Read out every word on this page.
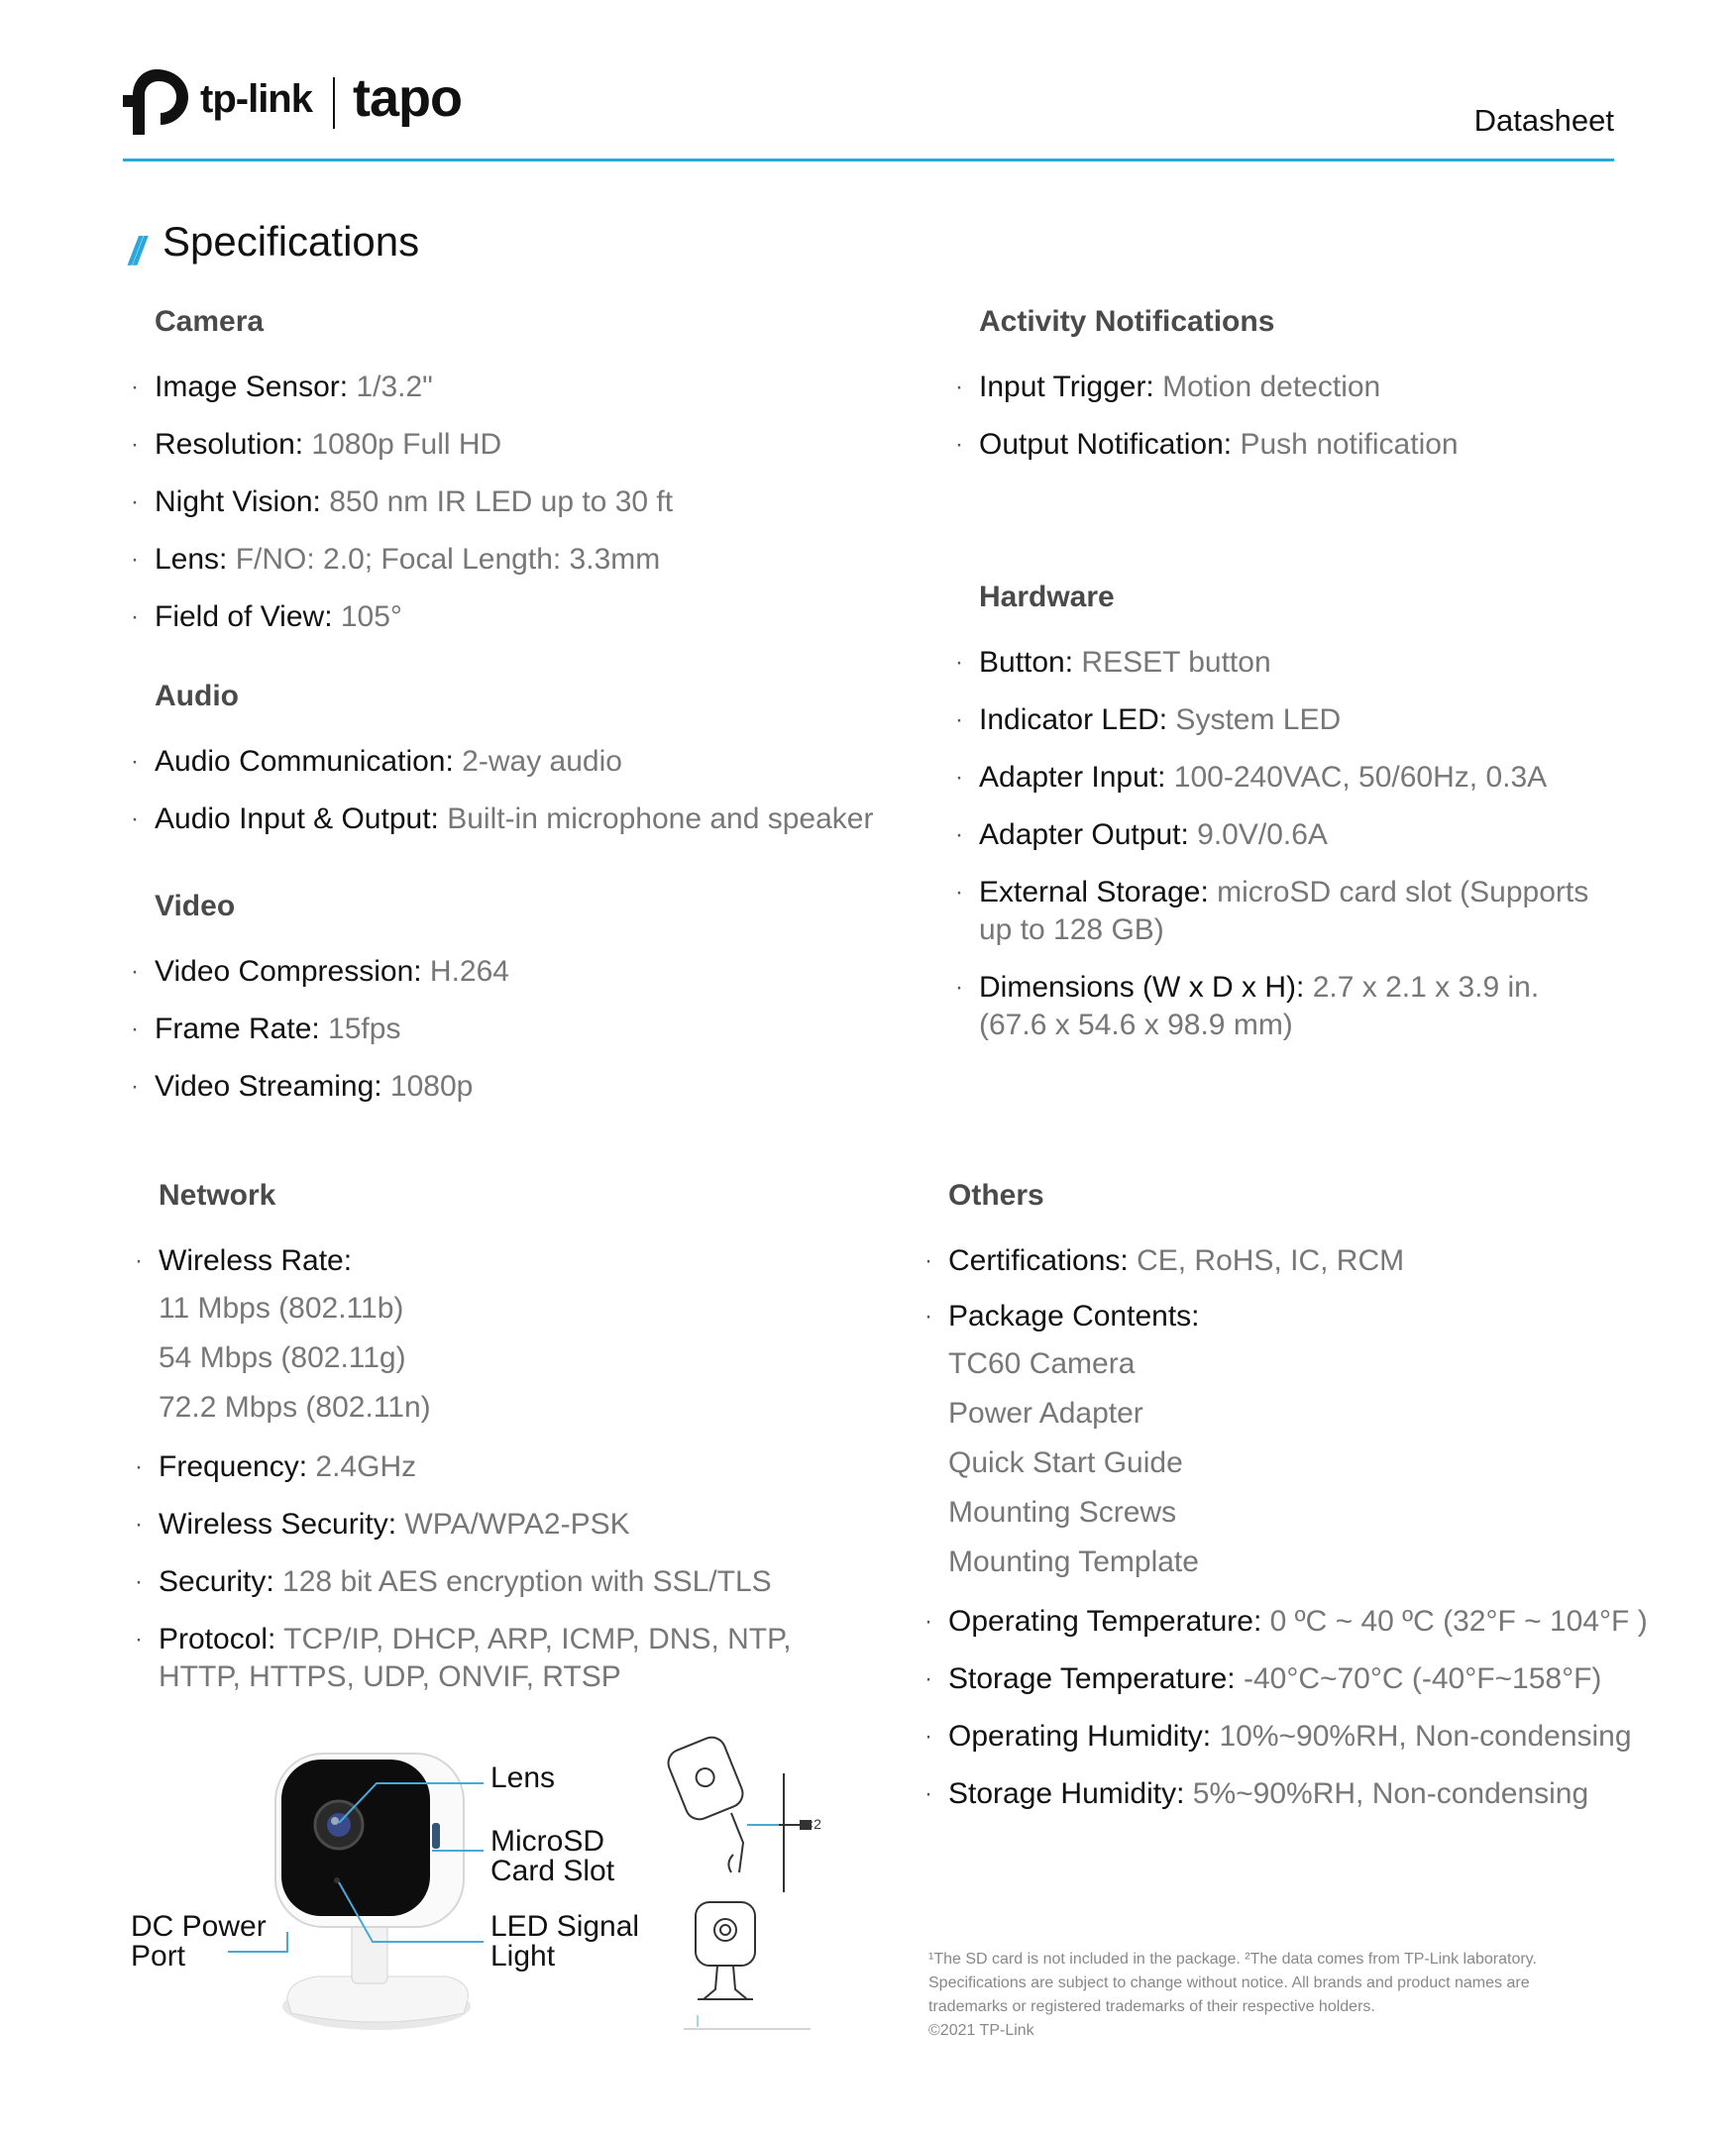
tp-link tapo	Datasheet
// Specifications
Camera
· Image Sensor: 1/3.2"
· Resolution: 1080p Full HD
· Night Vision: 850 nm IR LED up to 30 ft
· Lens: F/NO: 2.0; Focal Length: 3.3mm
· Field of View: 105°
Audio
· Audio Communication: 2-way audio
· Audio Input & Output: Built-in microphone and speaker
Video
· Video Compression: H.264
· Frame Rate: 15fps
· Video Streaming: 1080p
Activity Notifications
· Input Trigger: Motion detection
· Output Notification: Push notification
Hardware
· Button: RESET button
· Indicator LED: System LED
· Adapter Input: 100-240VAC, 50/60Hz, 0.3A
· Adapter Output: 9.0V/0.6A
· External Storage: microSD card slot (Supports up to 128 GB)
· Dimensions (W x D x H): 2.7 x 2.1 x 3.9 in. (67.6 x 54.6 x 98.9 mm)
Network
· Wireless Rate:
11 Mbps (802.11b)
54 Mbps (802.11g)
72.2 Mbps (802.11n)
· Frequency: 2.4GHz
· Wireless Security: WPA/WPA2-PSK
· Security: 128 bit AES encryption with SSL/TLS
· Protocol: TCP/IP, DHCP, ARP, ICMP, DNS, NTP, HTTP, HTTPS, UDP, ONVIF, RTSP
Others
· Certifications: CE, RoHS, IC, RCM
· Package Contents:
TC60 Camera
Power Adapter
Quick Start Guide
Mounting Screws
Mounting Template
· Operating Temperature: 0 ºC ~ 40 ºC (32°F ~ 104°F )
· Storage Temperature: -40°C~70°C (-40°F~158°F)
· Operating Humidity: 10%~90%RH, Non-condensing
· Storage Humidity: 5%~90%RH, Non-condensing
Lens
MicroSD
Card Slot
LED Signal
Light
DC Power
Port
×2
¹The SD card is not included in the package. ²The data comes from TP-Link laboratory.
Specifications are subject to change without notice. All brands and product names are
trademarks or registered trademarks of their respective holders.
©2021 TP-Link
